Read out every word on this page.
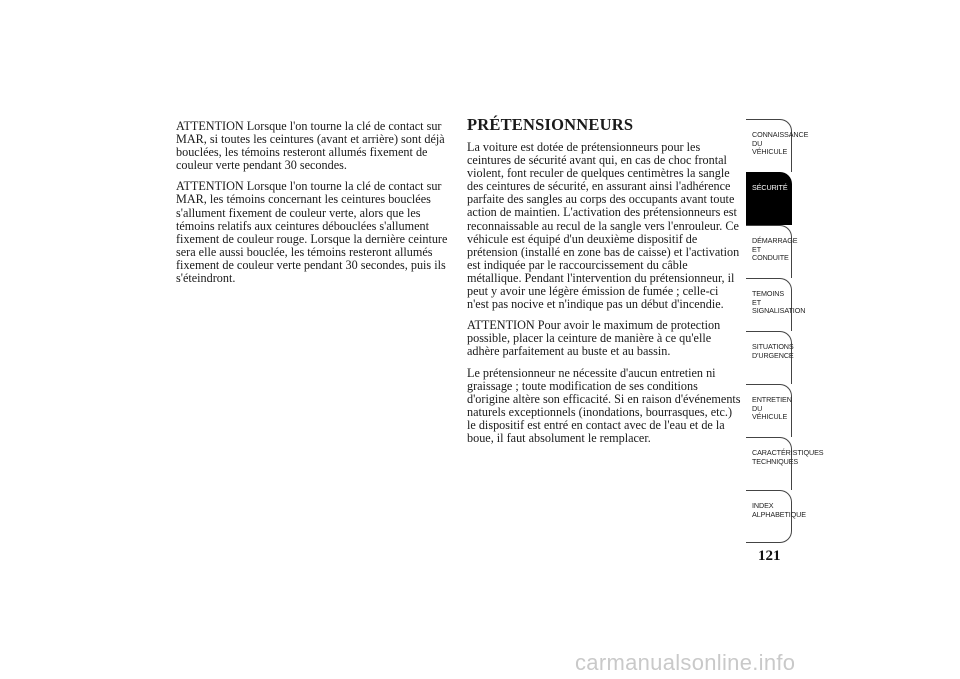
ATTENTION Lorsque l'on tourne la clé de contact sur MAR, si toutes les ceintures (avant et arrière) sont déjà bouclées, les témoins resteront allumés fixement de couleur verte pendant 30 secondes.

ATTENTION Lorsque l'on tourne la clé de contact sur MAR, les témoins concernant les ceintures bouclées s'allument fixement de couleur verte, alors que les témoins relatifs aux ceintures débouclées s'allument fixement de couleur rouge. Lorsque la dernière ceinture sera elle aussi bouclée, les témoins resteront allumés fixement de couleur verte pendant 30 secondes, puis ils s'éteindront.

PRÉTENSIONNEURS

La voiture est dotée de prétensionneurs pour les ceintures de sécurité avant qui, en cas de choc frontal violent, font reculer de quelques centimètres la sangle des ceintures de sécurité, en assurant ainsi l'adhérence parfaite des sangles au corps des occupants avant toute action de maintien. L'activation des prétensionneurs est reconnaissable au recul de la sangle vers l'enrouleur. Ce véhicule est équipé d'un deuxième dispositif de prétension (installé en zone bas de caisse) et l'activation est indiquée par le raccourcissement du câble métallique. Pendant l'intervention du prétensionneur, il peut y avoir une légère émission de fumée ; celle-ci n'est pas nocive et n'indique pas un début d'incendie.

ATTENTION Pour avoir le maximum de protection possible, placer la ceinture de manière à ce qu'elle adhère parfaitement au buste et au bassin.

Le prétensionneur ne nécessite d'aucun entretien ni graissage ; toute modification de ses conditions d'origine altère son efficacité. Si en raison d'événements naturels exceptionnels (inondations, bourrasques, etc.) le dispositif est entré en contact avec de l'eau et de la boue, il faut absolument le remplacer.

CONNAISSANCE DU VÉHICULE
SÉCURITÉ
DÉMARRAGE ET CONDUITE
TEMOINS ET SIGNALISATION
SITUATIONS D'URGENCE
ENTRETIEN DU VÉHICULE
CARACTÉRISTIQUES TECHNIQUES
INDEX ALPHABETIQUE
121
carmanualsonline.info
